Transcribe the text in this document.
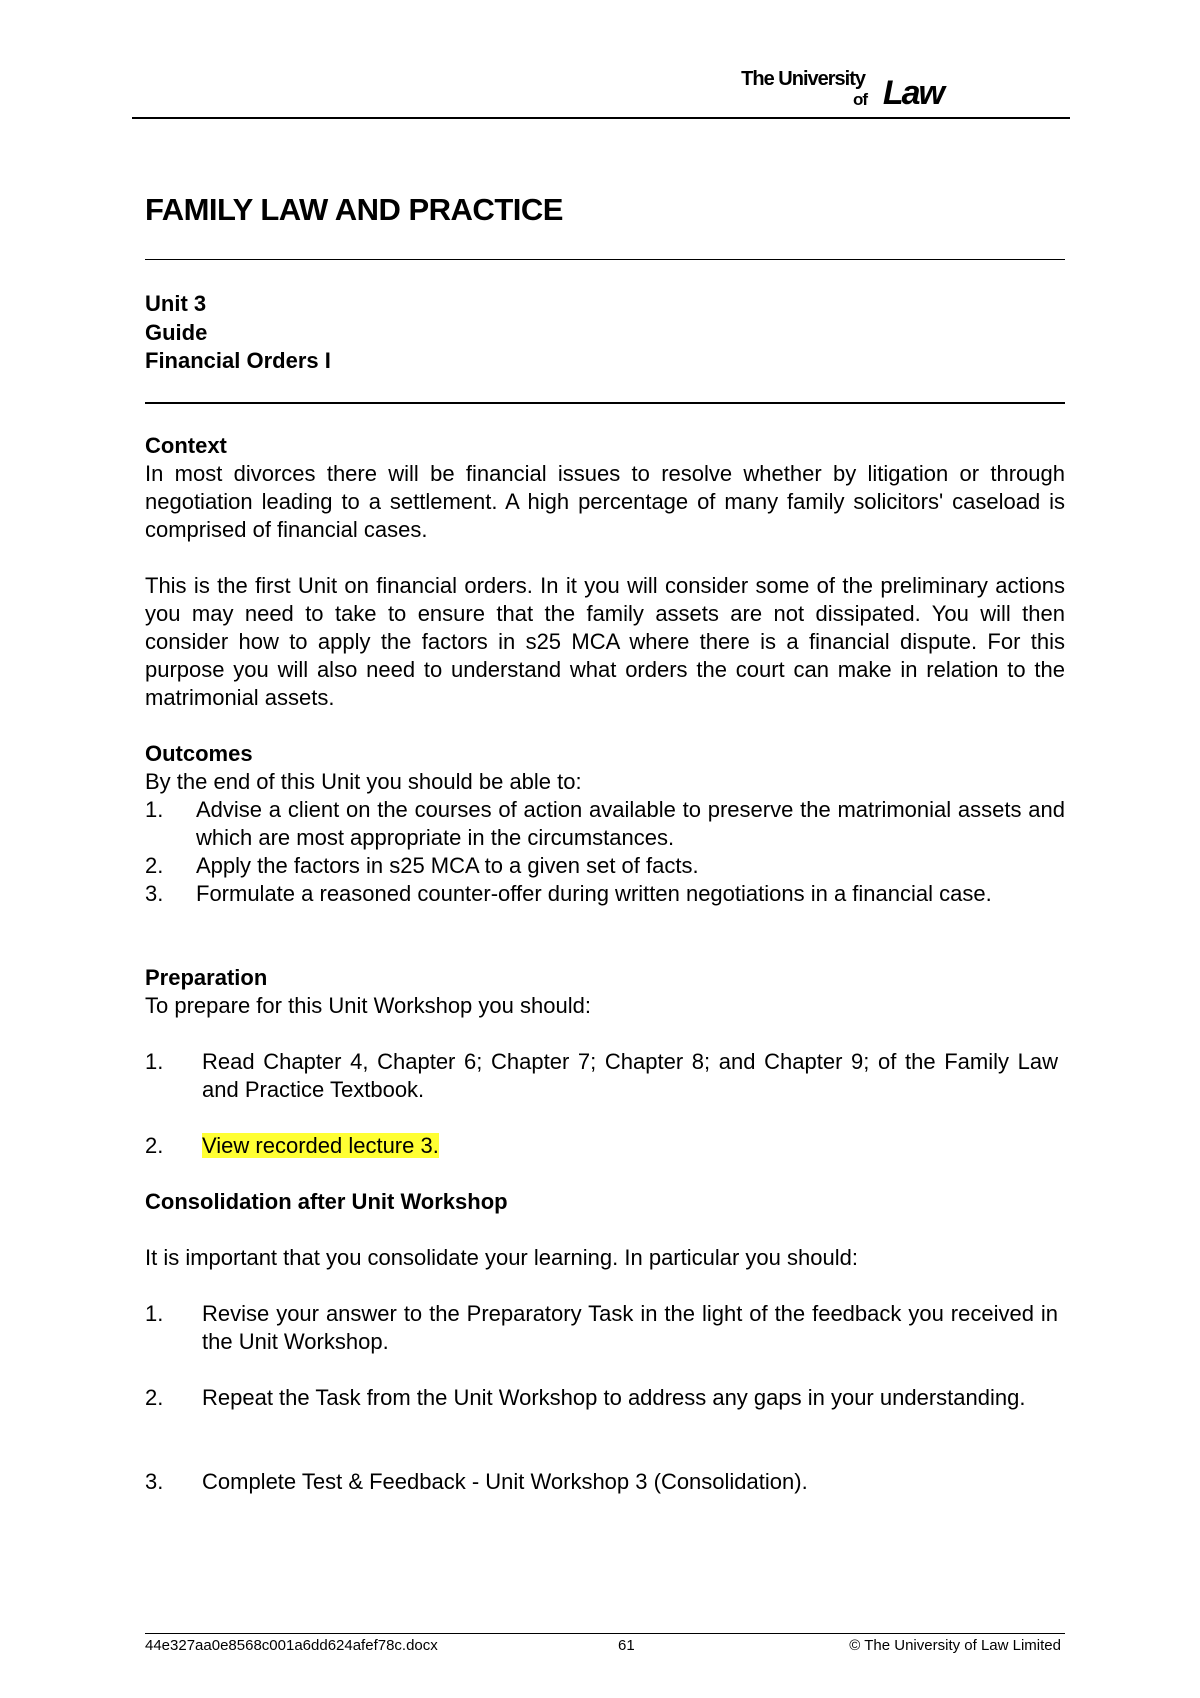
The University
of Law
FAMILY LAW AND PRACTICE
Unit 3
Guide
Financial Orders I

Context

In most divorces there will be financial issues to resolve whether by litigation or through negotiation leading to a settlement. A high percentage of many family solicitors' caseload is comprised of financial cases.

This is the first Unit on financial orders. In it you will consider some of the preliminary actions you may need to take to ensure that the family assets are not dissipated. You will then consider how to apply the factors in s25 MCA where there is a financial dispute. For this purpose you will also need to understand what orders the court can make in relation to the matrimonial assets.

Outcomes

By the end of this Unit you should be able to:

1. Advise a client on the courses of action available to preserve the matrimonial assets and which are most appropriate in the circumstances.
2. Apply the factors in s25 MCA to a given set of facts.
3. Formulate a reasoned counter-offer during written negotiations in a financial case.

Preparation

To prepare for this Unit Workshop you should:

1. Read Chapter 4, Chapter 6; Chapter 7; Chapter 8; and Chapter 9; of the Family Law and Practice Textbook.
2. View recorded lecture 3.

Consolidation after Unit Workshop

It is important that you consolidate your learning. In particular you should:

1. Revise your answer to the Preparatory Task in the light of the feedback you received in the Unit Workshop.
2. Repeat the Task from the Unit Workshop to address any gaps in your understanding.
3. Complete Test & Feedback - Unit Workshop 3 (Consolidation).
44e327aa0e8568c001a6dd624afef78c.docx	61	© The University of Law Limited
